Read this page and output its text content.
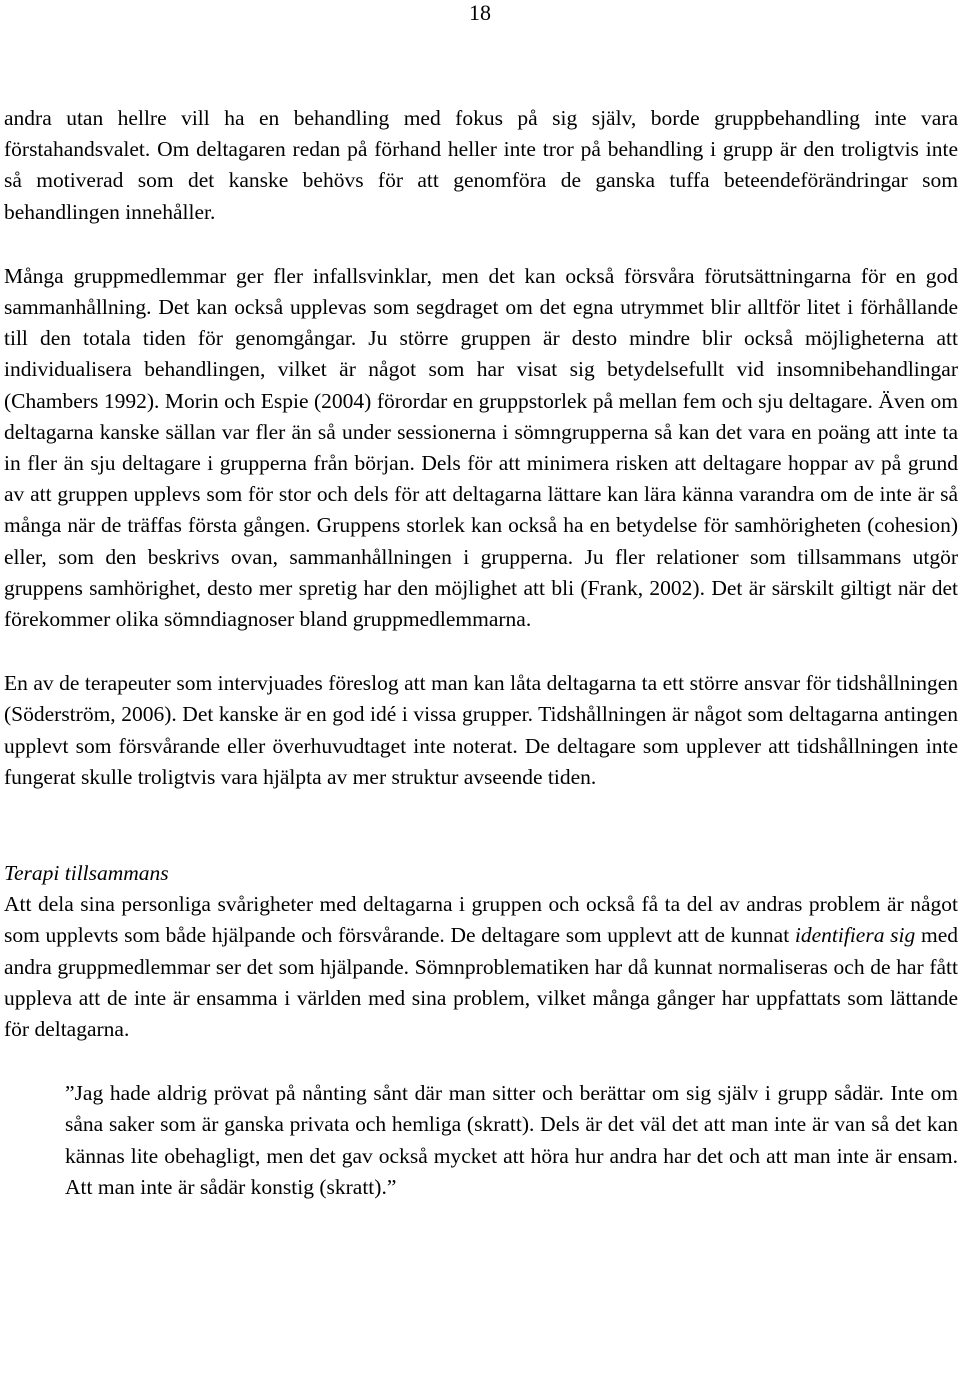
18

andra utan hellre vill ha en behandling med fokus på sig själv, borde gruppbehandling inte vara förstahandsvalet. Om deltagaren redan på förhand heller inte tror på behandling i grupp är den troligtvis inte så motiverad som det kanske behövs för att genomföra de ganska tuffa beteendeförändringar som behandlingen innehåller.

Många gruppmedlemmar ger fler infallsvinklar, men det kan också försvåra förutsättningarna för en god sammanhållning. Det kan också upplevas som segdraget om det egna utrymmet blir alltför litet i förhållande till den totala tiden för genomgångar. Ju större gruppen är desto mindre blir också möjligheterna att individualisera behandlingen, vilket är något som har visat sig betydelsefullt vid insomnibehandlingar (Chambers 1992). Morin och Espie (2004) förordar en gruppstorlek på mellan fem och sju deltagare. Även om deltagarna kanske sällan var fler än så under sessionerna i sömngrupperna så kan det vara en poäng att inte ta in fler än sju deltagare i grupperna från början. Dels för att minimera risken att deltagare hoppar av på grund av att gruppen upplevs som för stor och dels för att deltagarna lättare kan lära känna varandra om de inte är så många när de träffas första gången. Gruppens storlek kan också ha en betydelse för samhörigheten (cohesion) eller, som den beskrivs ovan, sammanhållningen i grupperna. Ju fler relationer som tillsammans utgör gruppens samhörighet, desto mer spretig har den möjlighet att bli (Frank, 2002). Det är särskilt giltigt när det förekommer olika sömndiagnoser bland gruppmedlemmarna.

En av de terapeuter som intervjuades föreslog att man kan låta deltagarna ta ett större ansvar för tidshållningen (Söderström, 2006). Det kanske är en god idé i vissa grupper. Tidshållningen är något som deltagarna antingen upplevt som försvårande eller överhuvudtaget inte noterat. De deltagare som upplever att tidshållningen inte fungerat skulle troligtvis vara hjälpta av mer struktur avseende tiden.

Terapi tillsammans

Att dela sina personliga svårigheter med deltagarna i gruppen och också få ta del av andras problem är något som upplevts som både hjälpande och försvårande. De deltagare som upplevt att de kunnat identifiera sig med andra gruppmedlemmar ser det som hjälpande. Sömnproblematiken har då kunnat normaliseras och de har fått uppleva att de inte är ensamma i världen med sina problem, vilket många gånger har uppfattats som lättande för deltagarna.

”Jag hade aldrig prövat på nånting sånt där man sitter och berättar om sig själv i grupp sådär. Inte om såna saker som är ganska privata och hemliga (skratt). Dels är det väl det att man inte är van så det kan kännas lite obehagligt, men det gav också mycket att höra hur andra har det och att man inte är ensam. Att man inte är sådär konstig (skratt).”
